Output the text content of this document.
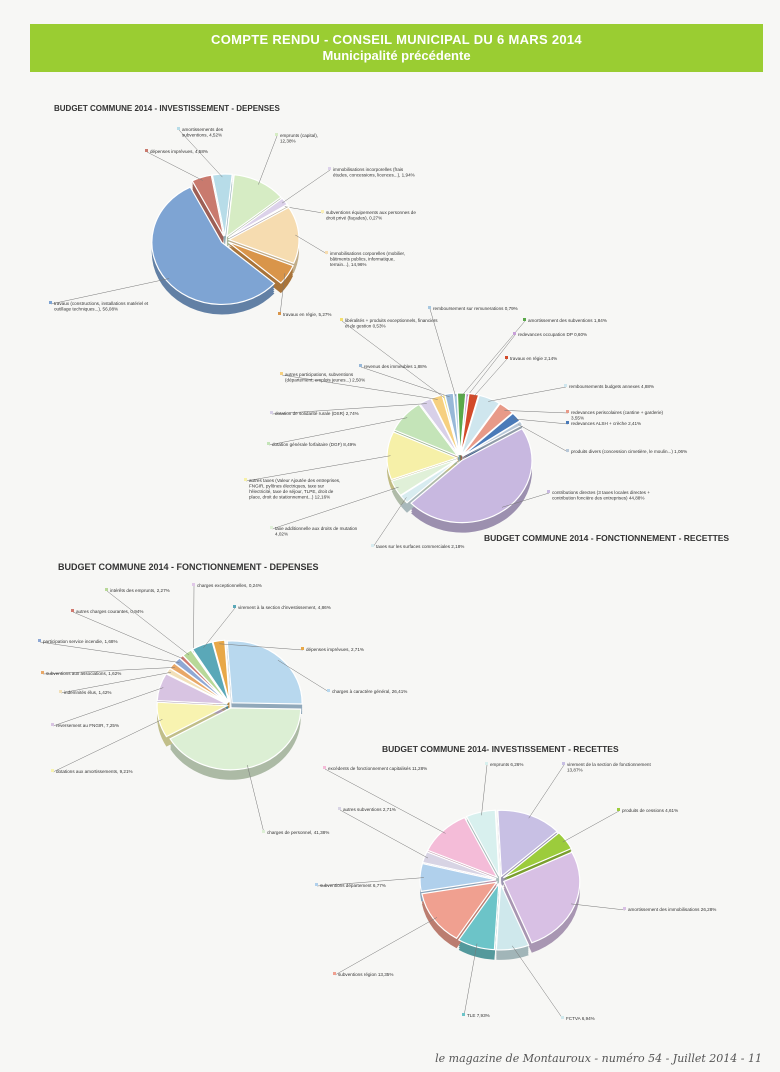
COMPTE RENDU - CONSEIL MUNICIPAL DU 6 MARS 2014
Municipalité précédente
BUDGET COMMUNE 2014 - INVESTISSEMENT - DEPENSES
BUDGET COMMUNE 2014 - FONCTIONNEMENT - RECETTES
BUDGET COMMUNE 2014 - FONCTIONNEMENT - DEPENSES
BUDGET COMMUNE 2014- INVESTISSEMENT - RECETTES
amortissements des subventions, 4,52%	emprunts (capital), 12,38%
immobilisations incorporelles (frais études, concessions, licences...), 1,94%
subventions équipements aux personnes de droit privé (façades), 0,27%
immobilisations corporelles (mobilier, bâtiments publics, informatique, terrain...), 14,96%
travaux en régie, 5,27%
travaux (constructions, installations matériel et outillage techniques...), 56,08%
dépenses imprévues, 4,58%
remboursement sur remunerations 0,79%
amortissement des subventions 1,84%
redevances occupation DP 0,60%
travaux en régie 2,14%
remboursements budgets annexes 4,88%
redevances periscolaires (cantine + garderie) 3,55%
redevances ALSH + crèche 2,41%
produits divers (concession cimetière, le moulin...) 1,06%
contributions directes (3 taxes locales directes + contribution foncière des entreprises) 44,88%
taxes sur les surfaces commerciales 2,18%
taxe additionnelle aux droits de mutation 4,02%
autres taxes (Valeur Ajoutée des entreprises, FNGIR, pylônes électriques, taxe sur l'électricité, taxe de séjour, TLPE, droit de place, droit de stationnement...) 12,16%
dotation générale forfaitaire (DGF) 8,49%
dotation de solidarité rurale (DSR) 2,74%
autres participations, subventions (département, emplois jeunes...) 2,50%
libéralités + produits exceptionnels, financiers et de gestion 0,53%
revenus des immeubles 1,88%
charges à caractère général, 26,41%
charges de personnel, 41,38%
dotations aux amortissements, 9,21%
reversement au FNGIR, 7,25%
indemnités élus, 1,42%
subventions aux associations, 1,62%
participation service incendie, 1,68%
autres charges courantes, 0,94%
intérêts des emprunts, 2,27%
charges exceptionnelles, 0,24%
virement à la section d'investissement, 4,86%
dépenses imprévues, 2,71%
virement de la section de fonctionnement 13,87%
produits de cessions 4,61%
amortissement des immobilisations 26,28%
FCTVA 6,94%
TLE 7,93%
subventions région 13,35%
subventions département 6,77%
autres subventions 2,71%
excédents de fonctionnement capitalisés 11,28%
emprunts 6,26%
le magazine de Montauroux - numéro 54 - Juillet 2014 - 11
